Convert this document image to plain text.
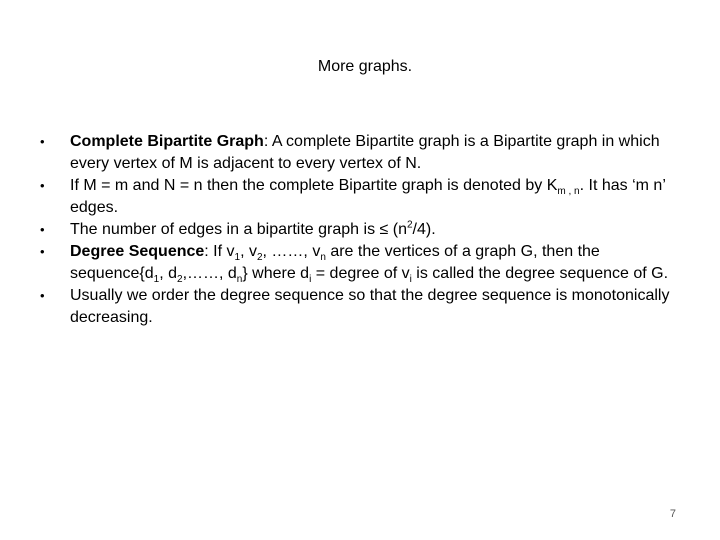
More graphs.
•	Complete Bipartite Graph: A complete Bipartite graph is a Bipartite graph in which every vertex of M is adjacent to every vertex of N.
•	If M = m and N = n then the complete Bipartite graph is denoted by $K_{m , n}$. It has ‘m n’ edges.
•	The number of edges in a bipartite graph is ≤ $(n^2/4)$.
•	Degree Sequence: If $v_1$, $v_2$, ……, $v_n$ are the vertices of a graph G, then the $sequence\{d_1$, $d_2,\dots\dots$, $d_n$} where $d_i$ = degree of $v_i$ is called the degree sequence of G.
•	Usually we order the degree sequence so that the degree sequence is monotonically decreasing.
7
